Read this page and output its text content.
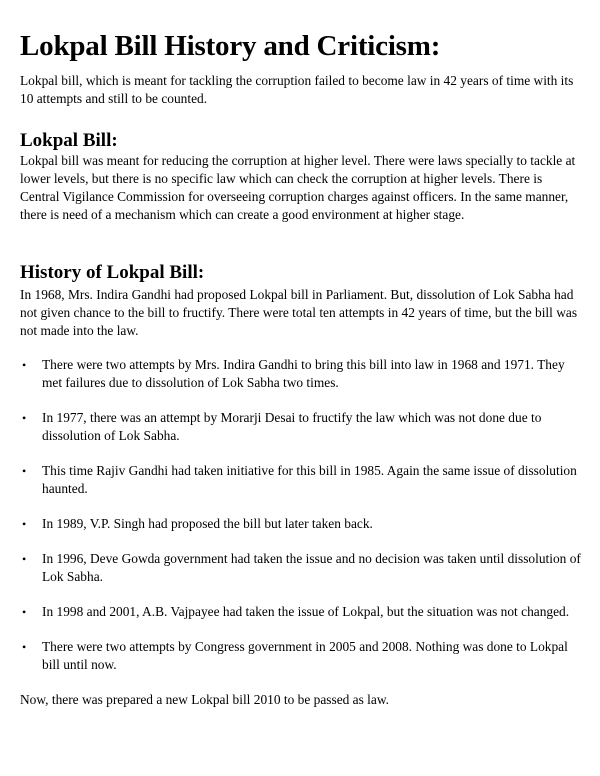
Lokpal Bill History and Criticism:

Lokpal bill, which is meant for tackling the corruption failed to become law in 42 years of time with its 10 attempts and still to be counted.

Lokpal Bill:

Lokpal bill was meant for reducing the corruption at higher level. There were laws specially to tackle at lower levels, but there is no specific law which can check the corruption at higher levels. There is Central Vigilance Commission for overseeing corruption charges against officers. In the same manner, there is need of a mechanism which can create a good environment at higher stage.

History of Lokpal Bill:

In 1968, Mrs. Indira Gandhi had proposed Lokpal bill in Parliament. But, dissolution of Lok Sabha had not given chance to the bill to fructify. There were total ten attempts in 42 years of time, but the bill was not made into the law.

• There were two attempts by Mrs. Indira Gandhi to bring this bill into law in 1968 and 1971. They met failures due to dissolution of Lok Sabha two times.
• In 1977, there was an attempt by Morarji Desai to fructify the law which was not done due to dissolution of Lok Sabha.
• This time Rajiv Gandhi had taken initiative for this bill in 1985. Again the same issue of dissolution haunted.
• In 1989, V.P. Singh had proposed the bill but later taken back.
• In 1996, Deve Gowda government had taken the issue and no decision was taken until dissolution of Lok Sabha.
• In 1998 and 2001, A.B. Vajpayee had taken the issue of Lokpal, but the situation was not changed.
• There were two attempts by Congress government in 2005 and 2008. Nothing was done to Lokpal bill until now.

Now, there was prepared a new Lokpal bill 2010 to be passed as law.
